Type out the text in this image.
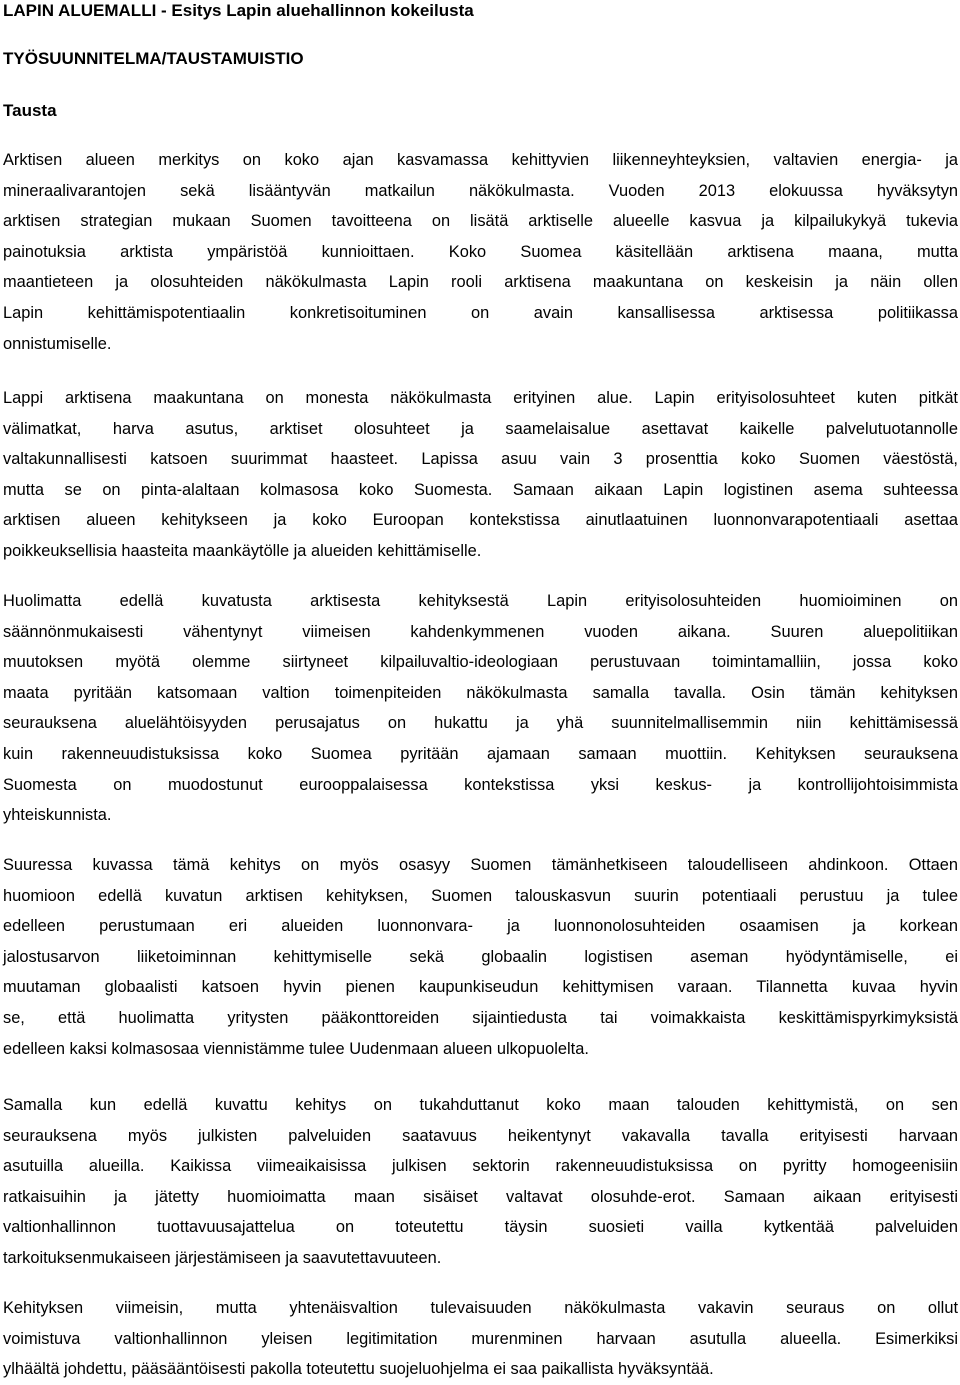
LAPIN ALUEMALLI - Esitys Lapin aluehallinnon kokeilusta
TYÖSUUNNITELMA/TAUSTAMUISTIO
Tausta
Arktisen alueen merkitys on koko ajan kasvamassa kehittyvien liikenneyhteyksien, valtavien energia- ja
mineraalivarantojen sekä lisääntyvän matkailun näkökulmasta. Vuoden 2013 elokuussa hyväksytyn
arktisen strategian mukaan Suomen tavoitteena on lisätä arktiselle alueelle kasvua ja kilpailukykyä tukevia
painotuksia arktista ympäristöä kunnioittaen. Koko Suomea käsitellään arktisena maana, mutta
maantieteen ja olosuhteiden näkökulmasta Lapin rooli arktisena maakuntana on keskeisin ja näin ollen
Lapin kehittämispotentiaalin konkretisoituminen on avain kansallisessa arktisessa politiikassa
onnistumiselle.
Lappi arktisena maakuntana on monesta näkökulmasta erityinen alue. Lapin erityisolosuhteet kuten pitkät
välimatkat, harva asutus, arktiset olosuhteet ja saamelaisalue asettavat kaikelle palvelutuotannolle
valtakunnallisesti katsoen suurimmat haasteet. Lapissa asuu vain 3 prosenttia koko Suomen väestöstä,
mutta se on pinta-alaltaan kolmasosa koko Suomesta. Samaan aikaan Lapin logistinen asema suhteessa
arktisen alueen kehitykseen ja koko Euroopan kontekstissa ainutlaatuinen luonnonvarapotentiaali asettaa
poikkeuksellisia haasteita maankäytölle ja alueiden kehittämiselle.
Huolimatta edellä kuvatusta arktisesta kehityksestä Lapin erityisolosuhteiden huomioiminen on
säännönmukaisesti vähentynyt viimeisen kahdenkymmenen vuoden aikana. Suuren aluepolitiikan
muutoksen myötä olemme siirtyneet kilpailuvaltio-ideologiaan perustuvaan toimintamalliin, jossa koko
maata pyritään katsomaan valtion toimenpiteiden näkökulmasta samalla tavalla. Osin tämän kehityksen
seurauksena aluelähtöisyyden perusajatus on hukattu ja yhä suunnitelmallisemmin niin kehittämisessä
kuin rakenneuudistuksissa koko Suomea pyritään ajamaan samaan muottiin. Kehityksen seurauksena
Suomesta on muodostunut eurooppalaisessa kontekstissa yksi keskus- ja kontrollijohtoisimmista
yhteiskunnista.
Suuressa kuvassa tämä kehitys on myös osasyy Suomen tämänhetkiseen taloudelliseen ahdinkoon. Ottaen
huomioon edellä kuvatun arktisen kehityksen, Suomen talouskasvun suurin potentiaali perustuu ja tulee
edelleen perustumaan eri alueiden luonnonvara- ja luonnonolosuhteiden osaamisen ja korkean
jalostusarvon liiketoiminnan kehittymiselle sekä globaalin logistisen aseman hyödyntämiselle, ei
muutaman globaalisti katsoen hyvin pienen kaupunkiseudun kehittymisen varaan. Tilannetta kuvaa hyvin
se, että huolimatta yritysten pääkonttoreiden sijaintiedusta tai voimakkaista keskittämispyrkimyksistä
edelleen kaksi kolmasosaa viennistämme tulee Uudenmaan alueen ulkopuolelta.
Samalla kun edellä kuvattu kehitys on tukahduttanut koko maan talouden kehittymistä, on sen
seurauksena myös julkisten palveluiden saatavuus heikentynyt vakavalla tavalla erityisesti harvaan
asutuilla alueilla. Kaikissa viimeaikaisissa julkisen sektorin rakenneuudistuksissa on pyritty homogeenisiin
ratkaisuihin ja jätetty huomioimatta maan sisäiset valtavat olosuhde-erot. Samaan aikaan erityisesti
valtionhallinnon tuottavuusajattelua on toteutettu täysin suosieti vailla kytkentää palveluiden
tarkoituksenmukaiseen järjestämiseen ja saavutettavuuteen.
Kehityksen viimeisin, mutta yhtenäisvaltion tulevaisuuden näkökulmasta vakavin seuraus on ollut
voimistuva valtionhallinnon yleisen legitimitation murenminen harvaan asutulla alueella. Esimerkiksi
ylhäältä johdettu, pääsääntöisesti pakolla toteutettu suojeluohjelma ei saa paikallista hyväksyntää.
